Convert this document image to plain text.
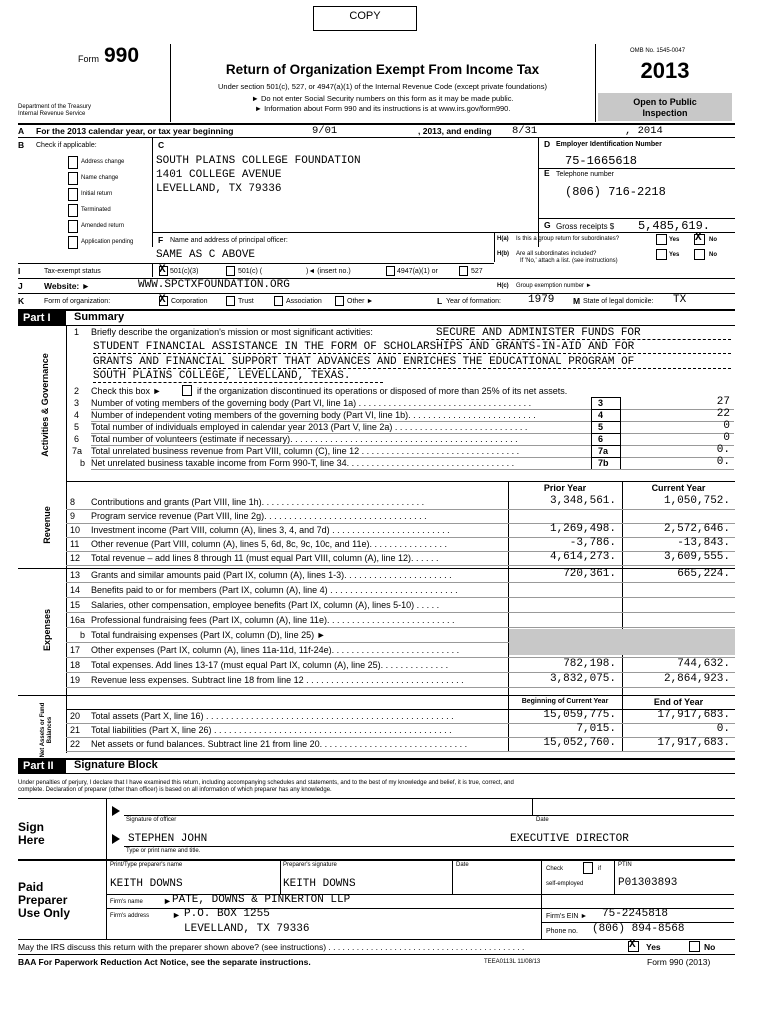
COPY
Form 990
Department of the Treasury
Internal Revenue Service
Return of Organization Exempt From Income Tax
Under section 501(c), 527, or 4947(a)(1) of the Internal Revenue Code (except private foundations)
► Do not enter Social Security numbers on this form as it may be made public.
► Information about Form 990 and its instructions is at www.irs.gov/form990.
OMB No. 1545-0047
2013
Open to Public
Inspection
A For the 2013 calendar year, or tax year beginning	9/01	, 2013, and ending 8/31	, 2014
B Check if applicable:
Address change
Name change
Initial return
Terminated
Amended return
Application pending
C
SOUTH PLAINS COLLEGE FOUNDATION
1401 COLLEGE AVENUE
LEVELLAND, TX 79336
D Employer Identification Number
75-1665618
E Telephone number
(806) 716-2218
G Gross receipts $ 5,485,619.
F Name and address of principal officer:
SAME AS C ABOVE
H(a) Is this a group return for subordinates?	Yes X No
H(b) Are all subordinates included?
If 'No,' attach a list. (see instructions)
Yes	No
I	Tax-exempt status	X 501(c)(3)	501(c) (	)◄ (insert no.)	4947(a)(1) or	527
J	Website: ►	WWW.SPCTXFOUNDATION.ORG	H(c) Group exemption number ►
K	Form of organization:	X Corporation	Trust	Association	Other ►	L Year of formation: 1979 M State of legal domicile: TX
Part I	Summary
Activities & Governance
Revenue
Expenses
Net Assets or Fund Balances
1 Briefly describe the organization's mission or most significant activities:	SECURE AND ADMINISTER FUNDS FOR
STUDENT FINANCIAL ASSISTANCE IN THE FORM OF SCHOLARSHIPS AND GRANTS-IN-AID AND FOR
GRANTS AND FINANCIAL SUPPORT THAT ADVANCES AND ENRICHES THE EDUCATIONAL PROGRAM OF
SOUTH PLAINS COLLEGE, LEVELLAND, TEXAS.
2 Check this box ►	if the organization discontinued its operations or disposed of more than 25% of its net assets.
3 Number of voting members of the governing body (Part VI, line 1a) . . . . . . . . . . . . . . . . . . . . . . . . . . . . . . . . . . .	3	27
4 Number of independent voting members of the governing body (Part VI, line 1b). . . . . . . . . . . . . . . . . . . . . . . . . .	4	22
5 Total number of individuals employed in calendar year 2013 (Part V, line 2a) . . . . . . . . . . . . . . . . . . . . . . . . . . .	5	0
6 Total number of volunteers (estimate if necessary). . . . . . . . . . . . . . . . . . . . . . . . . . . . . . . . . . . . . . . . . . . . . .	6	0
7a Total unrelated business revenue from Part VIII, column (C), line 12 . . . . . . . . . . . . . . . . . . . . . . . . . . . . . . . .	7a	0.
b Net unrelated business taxable income from Form 990-T, line 34. . . . . . . . . . . . . . . . . . . . . . . . . . . . . . . . . .	7b	0.
Prior Year	Current Year
8 Contributions and grants (Part VIII, line 1h). . . . . . . . . . . . . . . . . . . . . . . . . . . . . . . . .	3,348,561.	1,050,752.
9 Program service revenue (Part VIII, line 2g). . . . . . . . . . . . . . . . . . . . . . . . . . . . . . . . .
10 Investment income (Part VIII, column (A), lines 3, 4, and 7d) . . . . . . . . . . . . . . . . . . . . . . . .	1,269,498.	2,572,646.
11 Other revenue (Part VIII, column (A), lines 5, 6d, 8c, 9c, 10c, and 11e). . . . . . . . . . . . . . . .	-3,786.	-13,843.
12 Total revenue – add lines 8 through 11 (must equal Part VIII, column (A), line 12). . . . . .	4,614,273.	3,609,555.
13 Grants and similar amounts paid (Part IX, column (A), lines 1-3). . . . . . . . . . . . . . . . . . . . . .	720,361.	665,224.
14 Benefits paid to or for members (Part IX, column (A), line 4) . . . . . . . . . . . . . . . . . . . . . . . . . .
15 Salaries, other compensation, employee benefits (Part IX, column (A), lines 5-10) . . . . .
16a Professional fundraising fees (Part IX, column (A), line 11e). . . . . . . . . . . . . . . . . . . . . . . . . .
b Total fundraising expenses (Part IX, column (D), line 25) ►
17 Other expenses (Part IX, column (A), lines 11a-11d, 11f-24e). . . . . . . . . . . . . . . . . . . . . . . . . .
18 Total expenses. Add lines 13-17 (must equal Part IX, column (A), line 25). . . . . . . . . . . . . .	782,198.	744,632.
19 Revenue less expenses. Subtract line 18 from line 12 . . . . . . . . . . . . . . . . . . . . . . . . . . . . . . . .	3,832,075.	2,864,923.
Beginning of Current Year	End of Year
20 Total assets (Part X, line 16) . . . . . . . . . . . . . . . . . . . . . . . . . . . . . . . . . . . . . . . . . . . . . . . . . .	15,059,775.	17,917,683.
21 Total liabilities (Part X, line 26) . . . . . . . . . . . . . . . . . . . . . . . . . . . . . . . . . . . . . . . . . . . . . . . .	7,015.	0.
22 Net assets or fund balances. Subtract line 21 from line 20. . . . . . . . . . . . . . . . . . . . . . . . . . . . . .	15,052,760.	17,917,683.
Part II	Signature Block
Under penalties of perjury, I declare that I have examined this return, including accompanying schedules and statements, and to the best of my knowledge and belief, it is true, correct, and
complete. Declaration of preparer (other than officer) is based on all information of which preparer has any knowledge.
Sign
Here
Signature of officer	Date
STEPHEN JOHN	EXECUTIVE DIRECTOR
Type or print name and title.
Paid
Preparer
Use Only
Print/Type preparer's name	Preparer's signature	Date
Check	if
self-employed
PTIN
KEITH DOWNS	KEITH DOWNS	P01303893
Firm's name	PATE, DOWNS & PINKERTON LLP
►
Firm's address	► P.O. BOX 1255
LEVELLAND, TX 79336
Firm's EIN ► 75-2245818
Phone no. (806) 894-8568
May the IRS discuss this return with the preparer shown above? (see instructions) . . . . . . . . . . . . . . . . . . . . . . . . . . . . . . . . . . . . . . . . . .	X Yes	No
BAA For Paperwork Reduction Act Notice, see the separate instructions.	TEEA0113L 11/08/13	Form 990 (2013)
